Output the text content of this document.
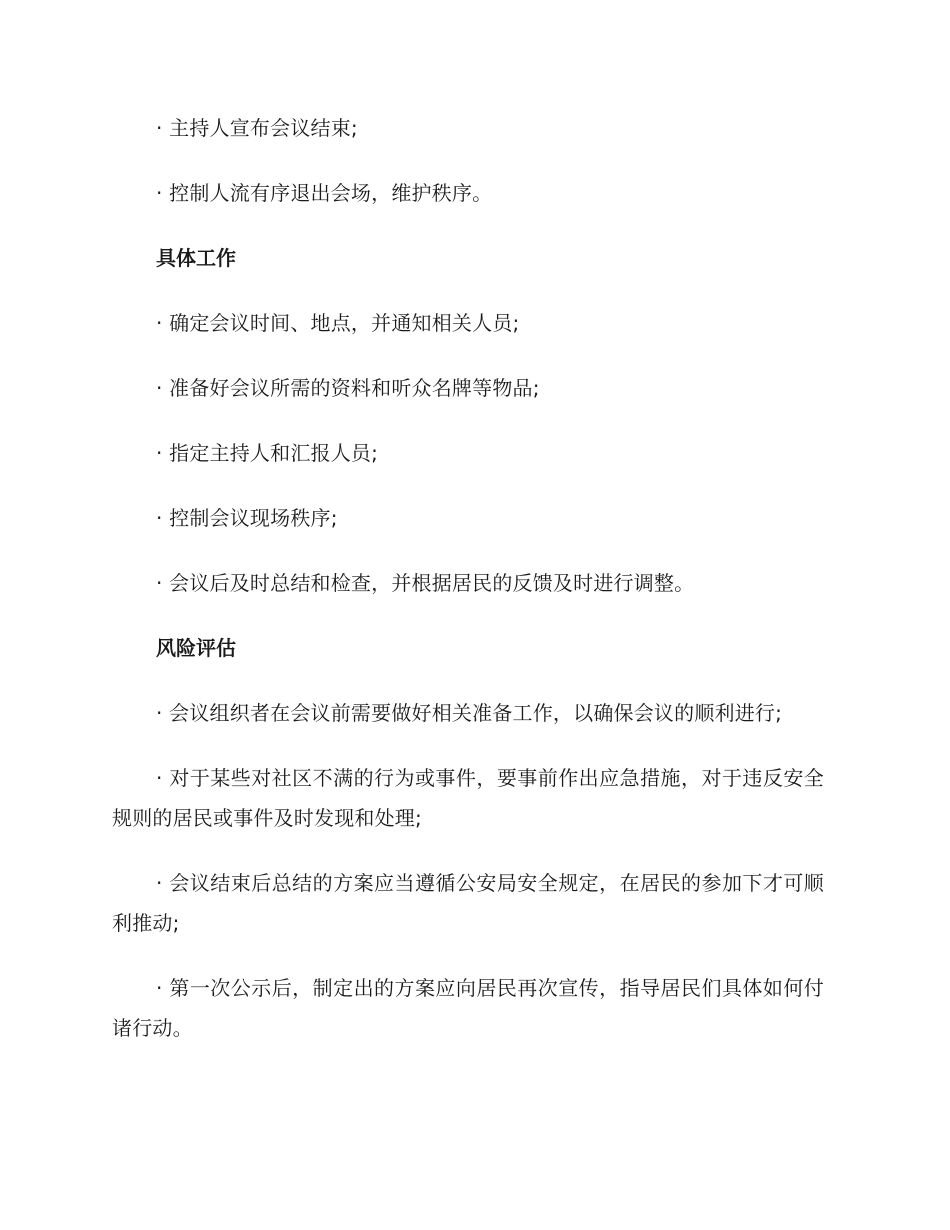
· 主持人宣布会议结束;

· 控制人流有序退出会场，维护秩序。

具体工作

· 确定会议时间、地点，并通知相关人员;

· 准备好会议所需的资料和听众名牌等物品;

· 指定主持人和汇报人员;

· 控制会议现场秩序;

· 会议后及时总结和检查，并根据居民的反馈及时进行调整。

风险评估

· 会议组织者在会议前需要做好相关准备工作，以确保会议的顺利进行;

· 对于某些对社区不满的行为或事件，要事前作出应急措施，对于违反安全规则的居民或事件及时发现和处理;

· 会议结束后总结的方案应当遵循公安局安全规定，在居民的参加下才可顺利推动;

· 第一次公示后，制定出的方案应向居民再次宣传，指导居民们具体如何付诸行动。
